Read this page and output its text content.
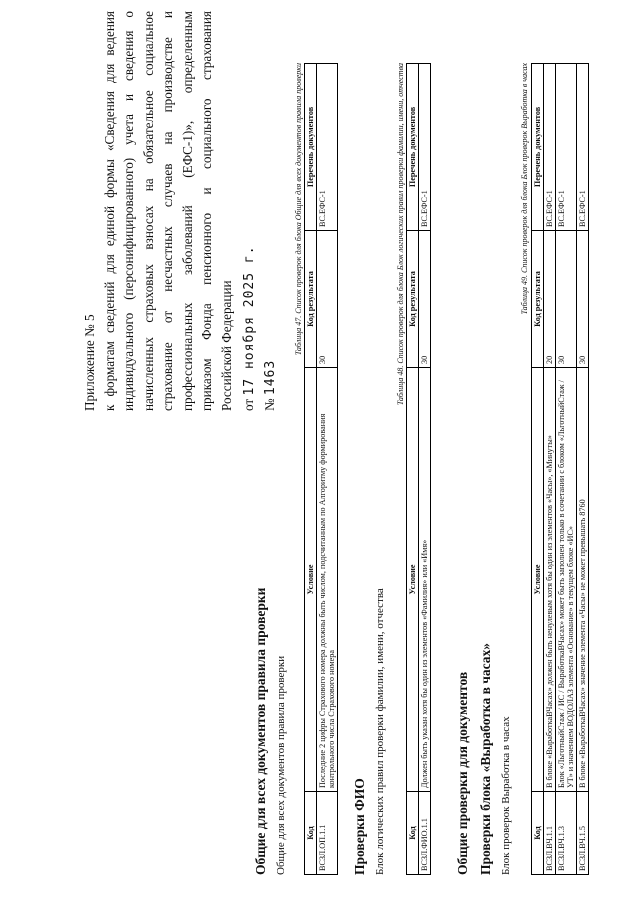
Приложение № 5 к форматам сведений для единой формы «Сведения для ведения индивидуального (персонифицированного) учета и сведения о начисленных страховых взносах на обязательное социальное страхование от несчастных случаев на производстве и профессиональных заболеваний (ЕФС-1)», определенным приказом Фонда пенсионного и социального страхования Российской Федерации от 17 ноября 2025 г.
№ 1463
Общие для всех документов правила проверки Общие для всех документов правила проверки
Таблица 47. Список проверок для блока Общие для всех документов правила проверки
Код	Условие	Код результата	Перечень документов
ВСЗЛ.ОП.1.1	Последние 2 цифры Страхового номера должны быть числом, подсчитанным по Алгоритму формирования контрольного числа Страхового номера	30	ВС.ЕФС-1
Проверки ФИО Блок логических правил проверки фамилии, имени, отчества
Таблица 48. Список проверок для блока Блок логических правил проверки фамилии, имени, отчества
Код	Условие	Код результата	Перечень документов
ВСЗЛ.ФИО.1.1	Должен быть указан хотя бы один из элементов «Фамилия» или «Имя»	30	ВС.ЕФС-1
Общие проверки для документов Проверки блока «Выработка в часах» Блок проверок Выработка в часах
Таблица 49. Список проверок для блока Блок проверок Выработка в часах
Код	Условие	Код результата	Перечень документов
ВСЗЛ.ВЧ.1.1	В блоке «ВыработкаВЧасах» должен быть ненулевым хотя бы один из элементов «Часы», «Минуты»	20	ВС.ЕФС-1
ВСЗЛ.ВЧ.1.3	Блок «ЛьготныйСтаж / ИС / ВыработкаВЧасах» может быть заполнен только в сочетании с блоком «ЛьготныйСтаж / УТ» и значением ВОДОЛАЗ элемента «Основание» в текущем блоке «ИС»	30	ВС.ЕФС-1
ВСЗЛ.ВЧ.1.5	В блоке «ВыработкаВЧасах» значение элемента «Часы» не может превышать 8760	30	ВС.ЕФС-1
